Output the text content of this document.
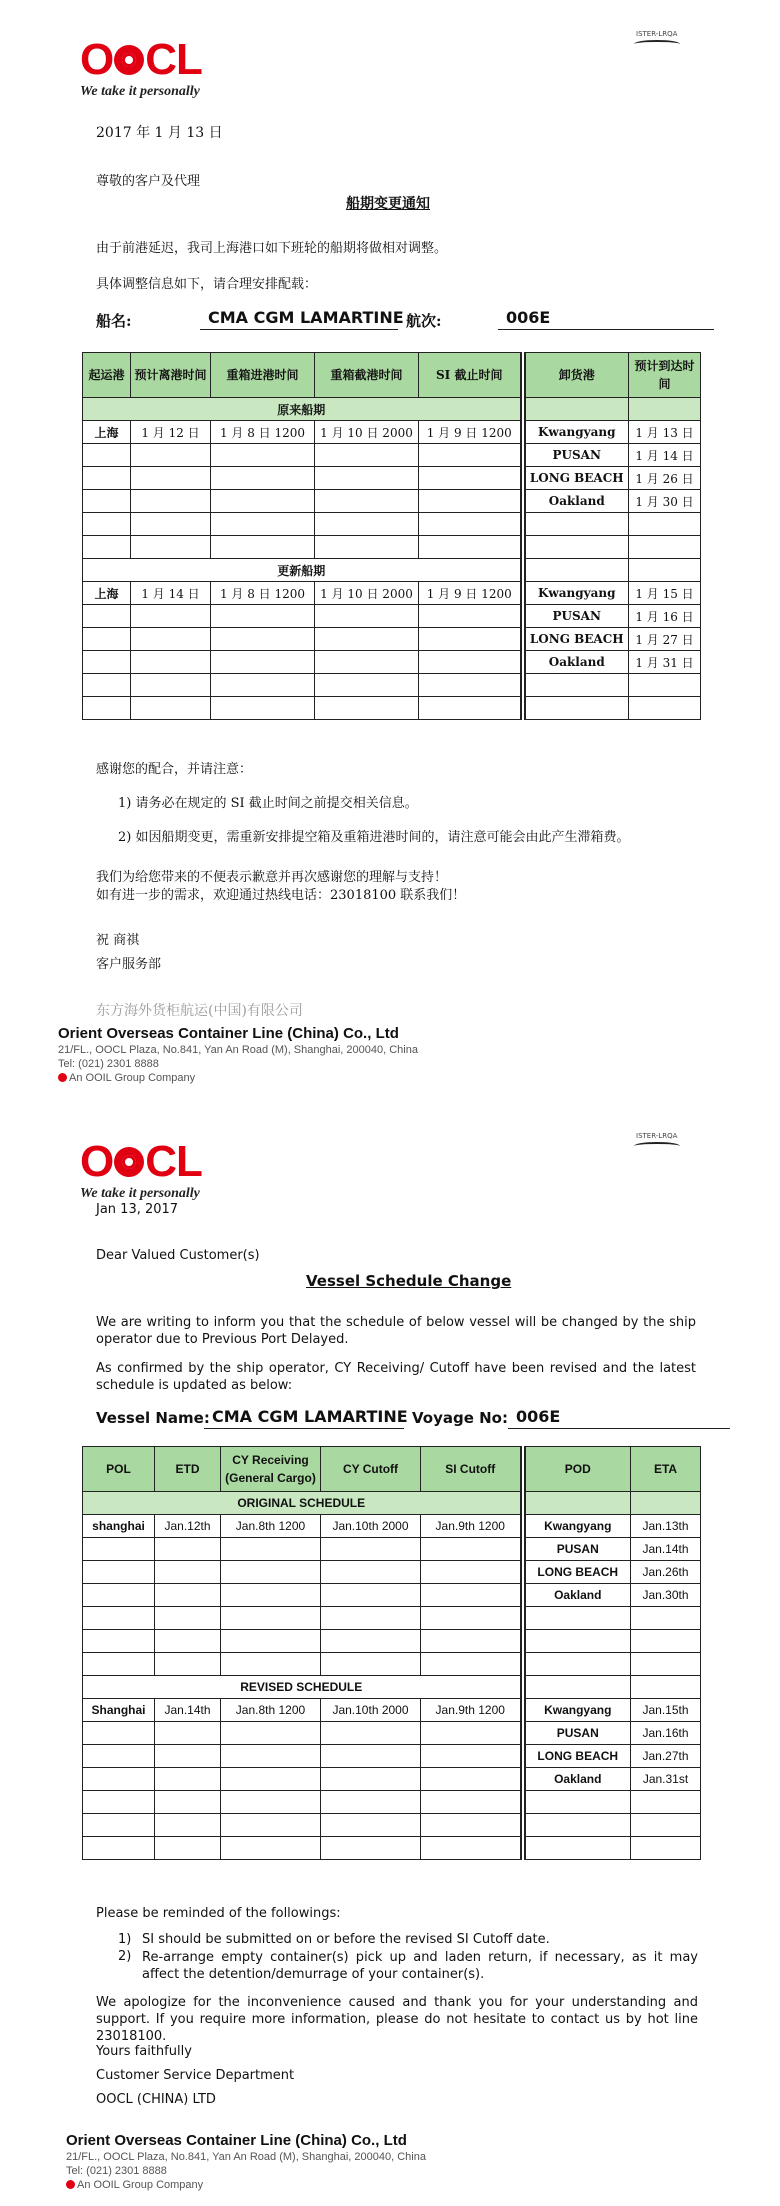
O CL
We take it personally
ISTER-LRQA
2017 年 1 月 13 日
尊敬的客户及代理
船期变更通知
由于前港延迟，我司上海港口如下班轮的船期将做相对调整。
具体调整信息如下，请合理安排配载：
船名:	CMA CGM LAMARTINE 航次:	006E
起运港	预计离港时间	重箱进港时间	重箱截港时间	SI 截止时间		卸货港	预计到达时间
原来船期							
上海	1 月 12 日	1 月 8 日 1200	1 月 10 日 2000	1 月 9 日 1200		Kwangyang	1 月 13 日
						PUSAN	1 月 14 日
						LONG BEACH	1 月 26 日
						Oakland	1 月 30 日

更新船期							
上海	1 月 14 日	1 月 8 日 1200	1 月 10 日 2000	1 月 9 日 1200		Kwangyang	1 月 15 日
						PUSAN	1 月 16 日
						LONG BEACH	1 月 27 日
						Oakland	1 月 31 日

感谢您的配合，并请注意：
1) 请务必在规定的 SI 截止时间之前提交相关信息。
2) 如因船期变更，需重新安排提空箱及重箱进港时间的，请注意可能会由此产生滞箱费。
我们为给您带来的不便表示歉意并再次感谢您的理解与支持！
如有进一步的需求，欢迎通过热线电话：23018100 联系我们！
祝 商祺
客户服务部
东方海外货柜航运(中国)有限公司
Orient Overseas Container Line (China) Co., Ltd
21/FL., OOCL Plaza, No.841, Yan An Road (M), Shanghai, 200040, China
Tel: (021) 2301 8888
An OOIL Group Company
O CL
We take it personally
ISTER-LRQA
Jan 13, 2017
Dear Valued Customer(s)
Vessel Schedule Change
We are writing to inform you that the schedule of below vessel will be changed by the ship operator due to Previous Port Delayed.
As confirmed by the ship operator, CY Receiving/ Cutoff have been revised and the latest schedule is updated as below:
Vessel Name: CMA CGM LAMARTINE Voyage No: 006E
POL	ETD	CY Receiving (General Cargo)	CY Cutoff	SI Cutoff		POD	ETA
ORIGINAL SCHEDULE							
shanghai	Jan.12th	Jan.8th 1200	Jan.10th 2000	Jan.9th 1200		Kwangyang	Jan.13th
						PUSAN	Jan.14th
						LONG BEACH	Jan.26th
						Oakland	Jan.30th

REVISED SCHEDULE							
Shanghai	Jan.14th	Jan.8th 1200	Jan.10th 2000	Jan.9th 1200		Kwangyang	Jan.15th
						PUSAN	Jan.16th
						LONG BEACH	Jan.27th
						Oakland	Jan.31st

Please be reminded of the followings:
1) SI should be submitted on or before the revised SI Cutoff date.
2) Re-arrange empty container(s) pick up and laden return, if necessary, as it may affect the detention/demurrage of your container(s).
We apologize for the inconvenience caused and thank you for your understanding and support. If you require more information, please do not hesitate to contact us by hot line 23018100.
Yours faithfully
Customer Service Department
OOCL (CHINA) LTD
Orient Overseas Container Line (China) Co., Ltd
21/FL., OOCL Plaza, No.841, Yan An Road (M), Shanghai, 200040, China
Tel: (021) 2301 8888
An OOIL Group Company
